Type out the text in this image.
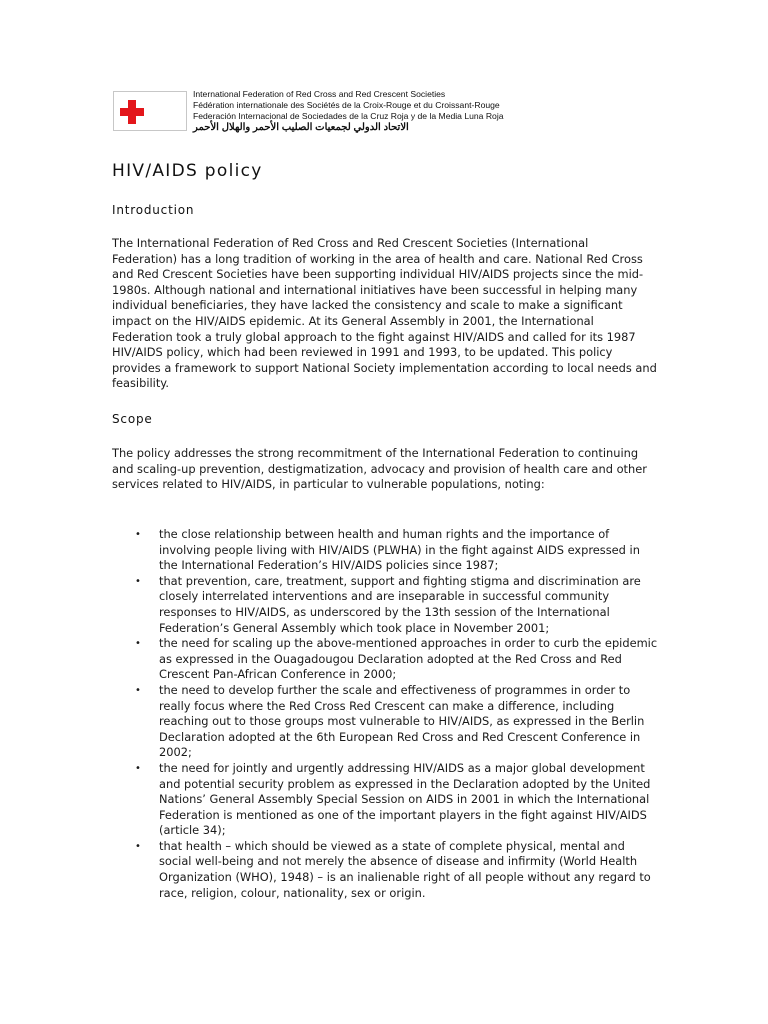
International Federation of Red Cross and Red Crescent Societies
Fédération internationale des Sociétés de la Croix-Rouge et du Croissant-Rouge
Federación Internacional de Sociedades de la Cruz Roja y de la Media Luna Roja
الاتحاد الدولي لجمعيات الصليب الأحمر والهلال الأحمر
HIV/AIDS policy
Introduction

The International Federation of Red Cross and Red Crescent Societies (International Federation) has a long tradition of working in the area of health and care. National Red Cross and Red Crescent Societies have been supporting individual HIV/AIDS projects since the mid-1980s. Although national and international initiatives have been successful in helping many individual beneficiaries, they have lacked the consistency and scale to make a significant impact on the HIV/AIDS epidemic. At its General Assembly in 2001, the International Federation took a truly global approach to the fight against HIV/AIDS and called for its 1987 HIV/AIDS policy, which had been reviewed in 1991 and 1993, to be updated. This policy provides a framework to support National Society implementation according to local needs and feasibility.

Scope

The policy addresses the strong recommitment of the International Federation to continuing and scaling-up prevention, destigmatization, advocacy and provision of health care and other services related to HIV/AIDS, in particular to vulnerable populations, noting:

• the close relationship between health and human rights and the importance of involving people living with HIV/AIDS (PLWHA) in the fight against AIDS expressed in the International Federation’s HIV/AIDS policies since 1987;
• that prevention, care, treatment, support and fighting stigma and discrimination are closely interrelated interventions and are inseparable in successful community responses to HIV/AIDS, as underscored by the 13th session of the International Federation’s General Assembly which took place in November 2001;
• the need for scaling up the above-mentioned approaches in order to curb the epidemic as expressed in the Ouagadougou Declaration adopted at the Red Cross and Red Crescent Pan-African Conference in 2000;
• the need to develop further the scale and effectiveness of programmes in order to really focus where the Red Cross Red Crescent can make a difference, including reaching out to those groups most vulnerable to HIV/AIDS, as expressed in the Berlin Declaration adopted at the 6th European Red Cross and Red Crescent Conference in 2002;
• the need for jointly and urgently addressing HIV/AIDS as a major global development and potential security problem as expressed in the Declaration adopted by the United Nations’ General Assembly Special Session on AIDS in 2001 in which the International Federation is mentioned as one of the important players in the fight against HIV/AIDS (article 34);
• that health – which should be viewed as a state of complete physical, mental and social well-being and not merely the absence of disease and infirmity (World Health Organization (WHO), 1948) – is an inalienable right of all people without any regard to race, religion, colour, nationality, sex or origin.
